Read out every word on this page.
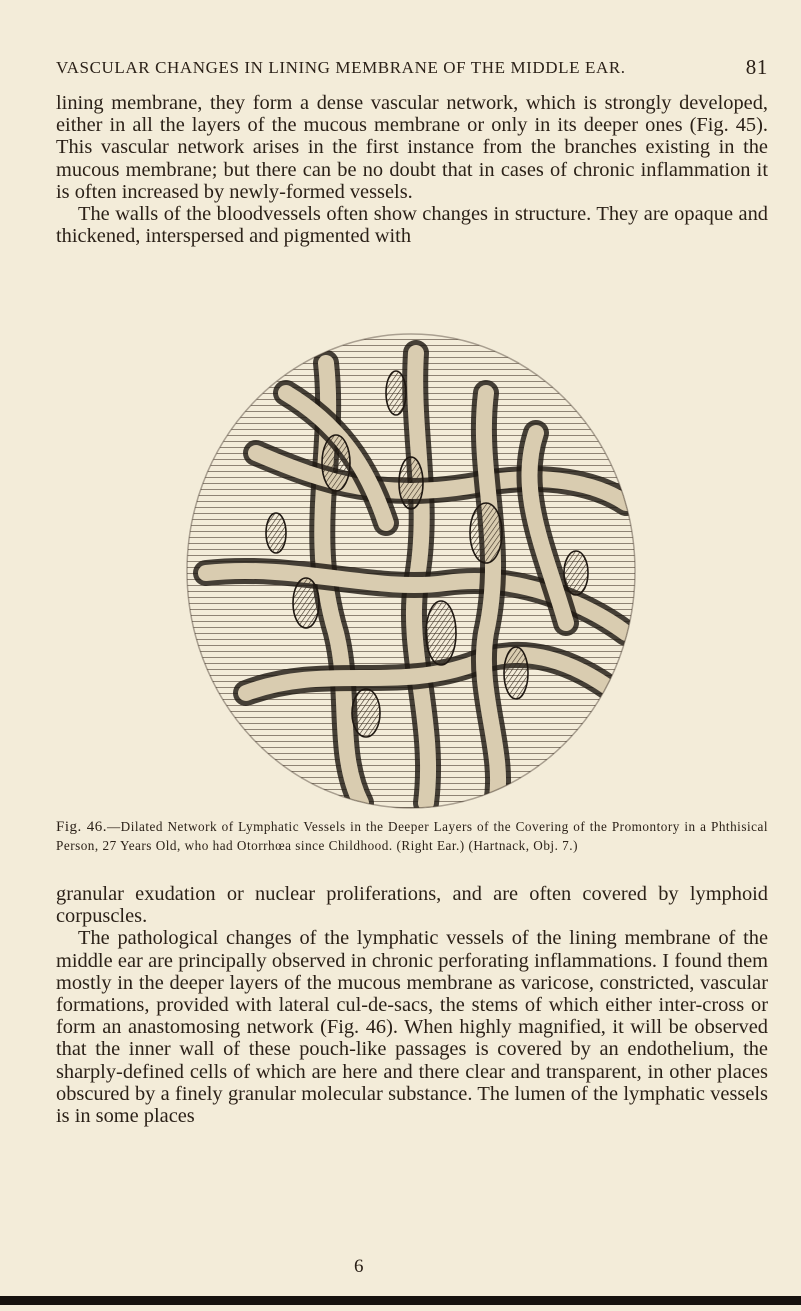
VASCULAR CHANGES IN LINING MEMBRANE OF THE MIDDLE EAR.	81

lining membrane, they form a dense vascular network, which is strongly developed, either in all the layers of the mucous membrane or only in its deeper ones (Fig. 45). This vascular network arises in the first instance from the branches existing in the mucous membrane; but there can be no doubt that in cases of chronic inflammation it is often increased by newly-formed vessels.

The walls of the bloodvessels often show changes in structure. They are opaque and thickened, interspersed and pigmented with

Fig. 46.—Dilated Network of Lymphatic Vessels in the Deeper Layers of the Covering of the Promontory in a Phthisical Person, 27 Years Old, who had Otorrhœa since Childhood. (Right Ear.) (Hartnack, Obj. 7.)

granular exudation or nuclear proliferations, and are often covered by lymphoid corpuscles.

The pathological changes of the lymphatic vessels of the lining membrane of the middle ear are principally observed in chronic perforating inflammations. I found them mostly in the deeper layers of the mucous membrane as varicose, constricted, vascular formations, provided with lateral cul-de-sacs, the stems of which either inter-cross or form an anastomosing network (Fig. 46). When highly magnified, it will be observed that the inner wall of these pouch-like passages is covered by an endothelium, the sharply-defined cells of which are here and there clear and transparent, in other places obscured by a finely granular molecular substance. The lumen of the lymphatic vessels is in some places

6
